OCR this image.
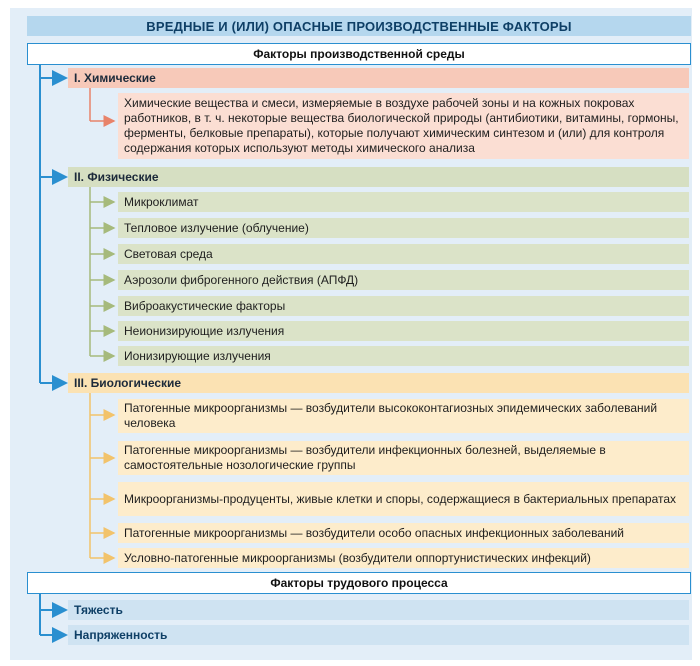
ВРЕДНЫЕ И (ИЛИ) ОПАСНЫЕ ПРОИЗВОДСТВЕННЫЕ ФАКТОРЫ
Факторы производственной среды
I. Химические
Химические вещества и смеси, измеряемые в воздухе рабочей зоны и на кожных покровах работников, в т. ч. некоторые вещества биологической природы (антибиотики, витамины, гормоны, ферменты, белковые препараты), которые получают химическим синтезом и (или) для контроля содержания которых используют методы химического анализа
II. Физические
Микроклимат
Тепловое излучение (облучение)
Световая среда
Аэрозоли фиброгенного действия (АПФД)
Виброакустические факторы
Неионизирующие излучения
Ионизирующие излучения
III. Биологические
Патогенные микроорганизмы — возбудители высококонтагиозных эпидемических заболеваний человека
Патогенные микроорганизмы — возбудители инфекционных болезней, выделяемые в самостоятельные нозологические группы
Микроорганизмы-продуценты, живые клетки и споры, содержащиеся в бактериальных препаратах
Патогенные микроорганизмы — возбудители особо опасных инфекционных заболеваний
Условно-патогенные микроорганизмы (возбудители оппортунистических инфекций)
Факторы трудового процесса
Тяжесть
Напряженность
